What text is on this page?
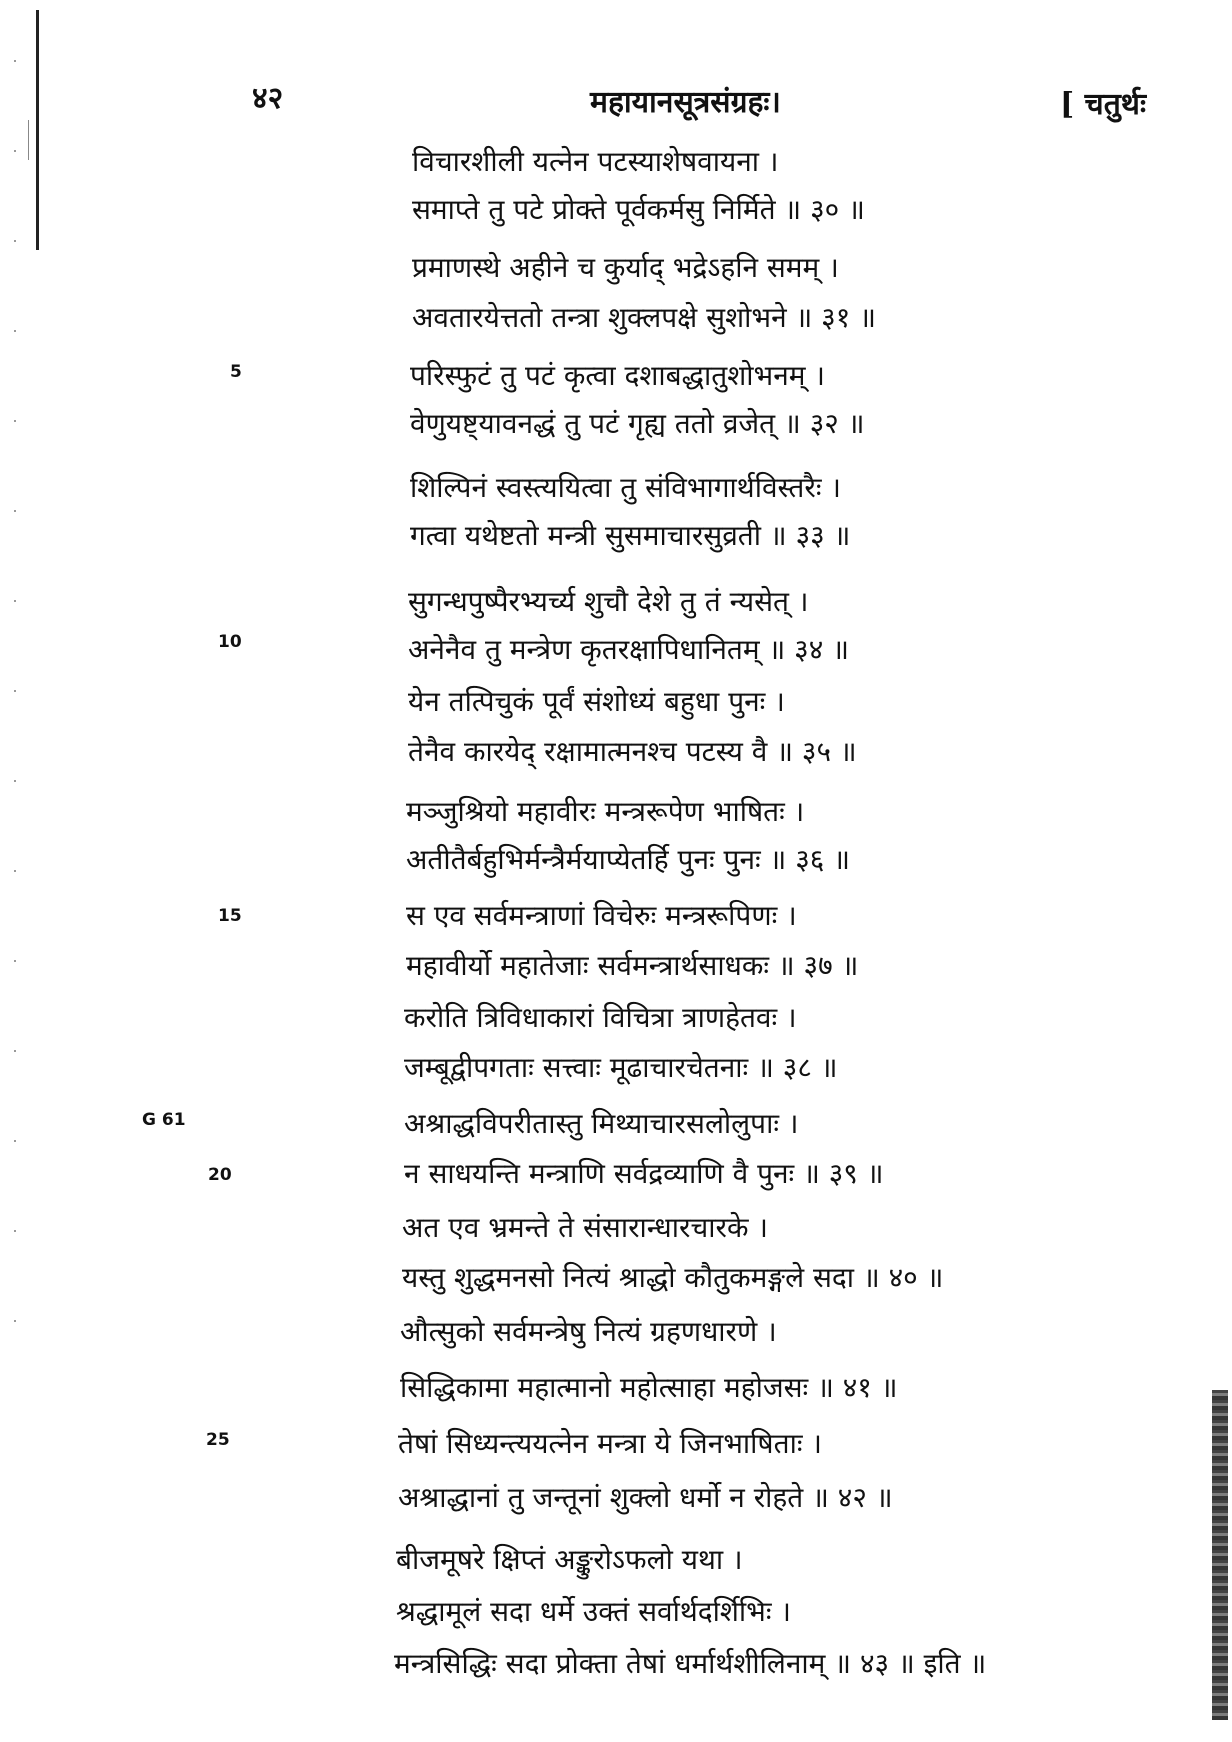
४२	महायानसूत्रसंग्रहः।	[ चतुर्थः
5
10
15
G 61
20
25
विचारशीली यत्नेन पटस्याशेषवायना ।
समाप्ते तु पटे प्रोक्ते पूर्वकर्मसु निर्मिते ॥ ३० ॥
प्रमाणस्थे अहीने च कुर्याद् भद्रेऽहनि समम् ।
अवतारयेत्ततो तन्त्रा शुक्लपक्षे सुशोभने ॥ ३१ ॥
परिस्फुटं तु पटं कृत्वा दशाबद्धातुशोभनम् ।
वेणुयष्ट्यावनद्धं तु पटं गृह्य ततो व्रजेत् ॥ ३२ ॥
शिल्पिनं स्वस्त्ययित्वा तु संविभागार्थविस्तरैः ।
गत्वा यथेष्टतो मन्त्री सुसमाचारसुव्रती ॥ ३३ ॥
सुगन्धपुष्पैरभ्यर्च्य शुचौ देशे तु तं न्यसेत् ।
अनेनैव तु मन्त्रेण कृतरक्षापिधानितम् ॥ ३४ ॥
येन तत्पिचुकं पूर्वं संशोध्यं बहुधा पुनः ।
तेनैव कारयेद् रक्षामात्मनश्च पटस्य वै ॥ ३५ ॥
मञ्जुश्रियो महावीरः मन्त्ररूपेण भाषितः ।
अतीतैर्बहुभिर्मन्त्रैर्मयाप्येतर्हि पुनः पुनः ॥ ३६ ॥
स एव सर्वमन्त्राणां विचेरुः मन्त्ररूपिणः ।
महावीर्यो महातेजाः सर्वमन्त्रार्थसाधकः ॥ ३७ ॥
करोति त्रिविधाकारां विचित्रा त्राणहेतवः ।
जम्बूद्वीपगताः सत्त्वाः मूढाचारचेतनाः ॥ ३८ ॥
अश्राद्धविपरीतास्तु मिथ्याचारसलोलुपाः ।
न साधयन्ति मन्त्राणि सर्वद्रव्याणि वै पुनः ॥ ३९ ॥
अत एव भ्रमन्ते ते संसारान्धारचारके ।
यस्तु शुद्धमनसो नित्यं श्राद्धो कौतुकमङ्गले सदा ॥ ४० ॥
औत्सुको सर्वमन्त्रेषु नित्यं ग्रहणधारणे ।
सिद्धिकामा महात्मानो महोत्साहा महोजसः ॥ ४१ ॥
तेषां सिध्यन्त्ययत्नेन मन्त्रा ये जिनभाषिताः ।
अश्राद्धानां तु जन्तूनां शुक्लो धर्मो न रोहते ॥ ४२ ॥
बीजमूषरे क्षिप्तं अङ्कुरोऽफलो यथा ।
श्रद्धामूलं सदा धर्मे उक्तं सर्वार्थदर्शिभिः ।
मन्त्रसिद्धिः सदा प्रोक्ता तेषां धर्मार्थशीलिनाम् ॥ ४३ ॥ इति ॥
